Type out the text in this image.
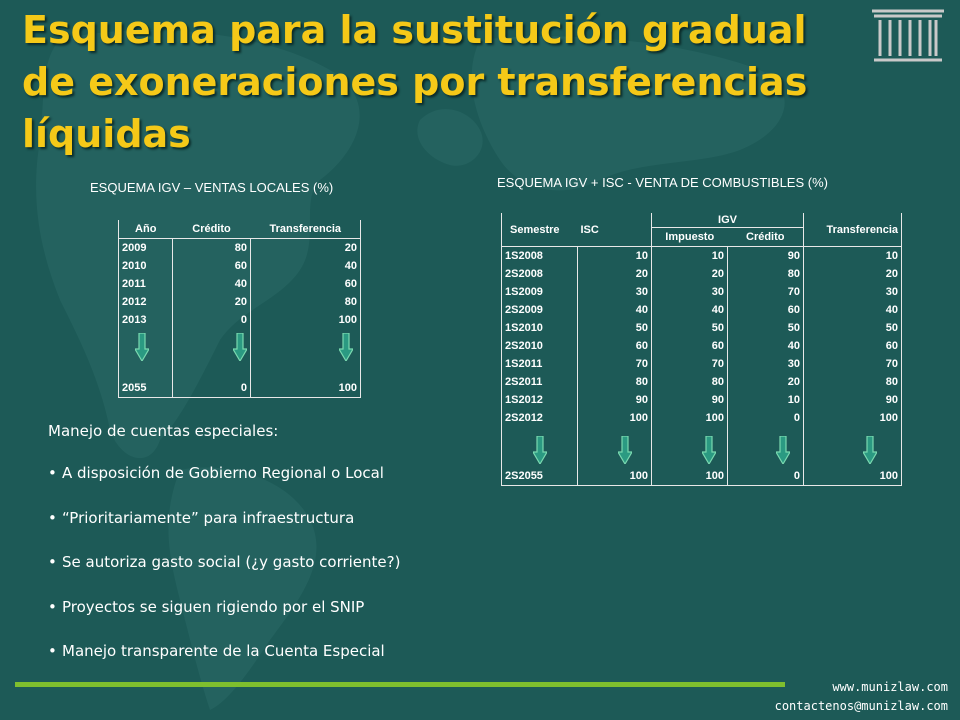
Esquema para la sustitución gradual de exoneraciones por transferencias líquidas
ESQUEMA IGV – VENTAS LOCALES (%)
Año	Crédito	Transferencia
2009	80	20
2010	60	40
2011	40	60
2012	20	80
2013	0	100

2055	0	100
ESQUEMA IGV + ISC - VENTA DE COMBUSTIBLES (%)
Semestre	ISC	IGV		Transferencia
		Impuesto	Crédito	
1S2008	10	10	90	10
2S2008	20	20	80	20
1S2009	30	30	70	30
2S2009	40	40	60	40
1S2010	50	50	50	50
2S2010	60	60	40	60
1S2011	70	70	30	70
2S2011	80	80	20	80
1S2012	90	90	10	90
2S2012	100	100	0	100

2S2055	100	100	0	100
Manejo de cuentas especiales:
• A disposición de Gobierno Regional o Local
• “Prioritariamente” para infraestructura
• Se autoriza gasto social (¿y gasto corriente?)
• Proyectos se siguen rigiendo por el SNIP
• Manejo transparente de la Cuenta Especial
www.munizlaw.com
contactenos@munizlaw.com
